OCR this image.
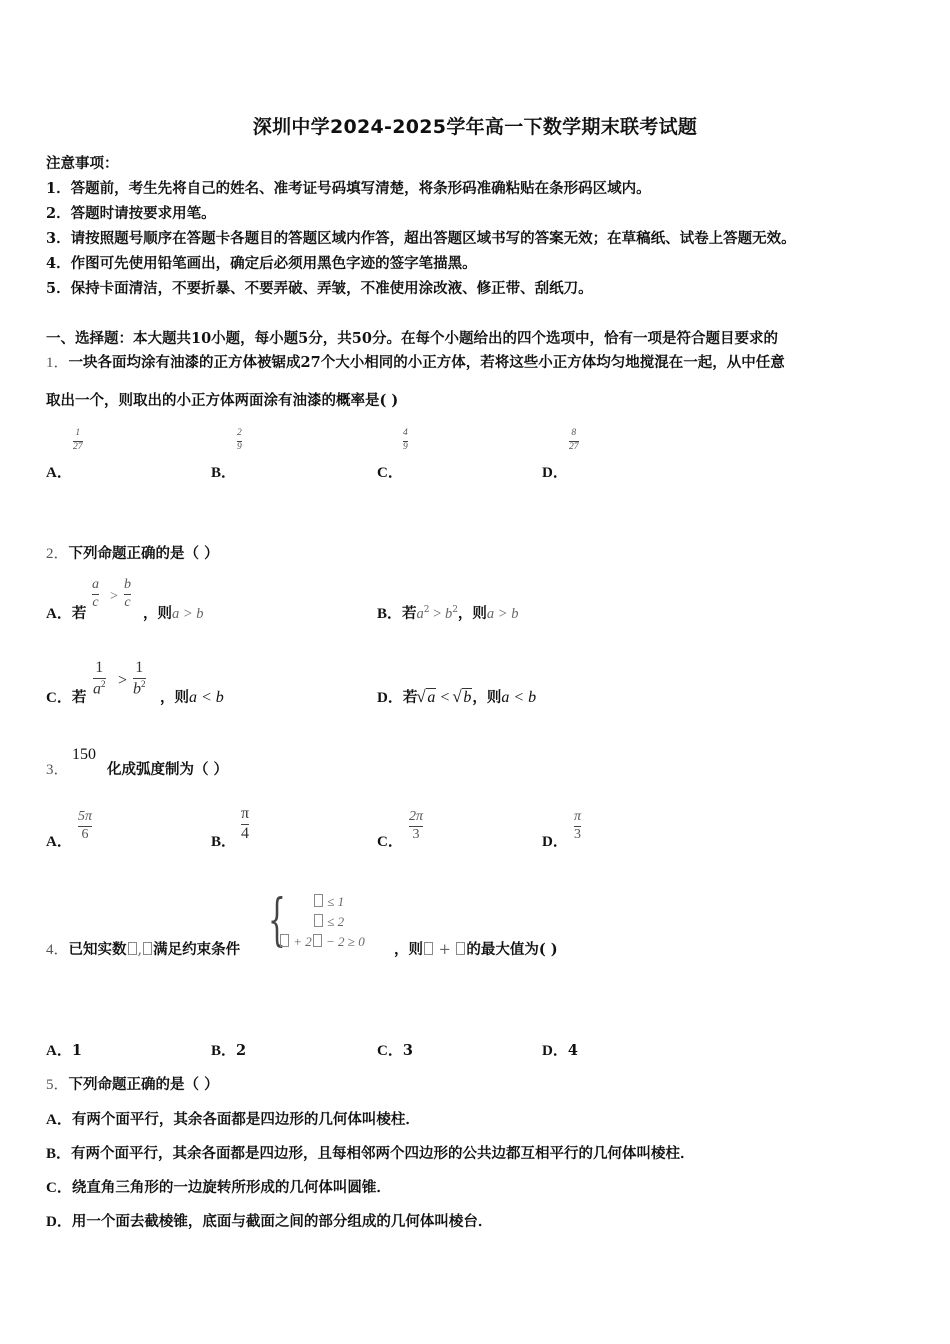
深圳中学2024-2025学年高一下数学期末联考试题
注意事项：
1．答题前，考生先将自己的姓名、准考证号码填写清楚，将条形码准确粘贴在条形码区域内。
2．答题时请按要求用笔。
3．请按照题号顺序在答题卡各题目的答题区域内作答，超出答题区域书写的答案无效；在草稿纸、试卷上答题无效。
4．作图可先使用铅笔画出，确定后必须用黑色字迹的签字笔描黑。
5．保持卡面清洁，不要折暴、不要弄破、弄皱，不准使用涂改液、修正带、刮纸刀。
一、选择题：本大题共10小题，每小题5分，共50分。在每个小题给出的四个选项中，恰有一项是符合题目要求的
1．一块各面均涂有油漆的正方体被锯成27个大小相同的小正方体，若将这些小正方体均匀地搅混在一起，从中任意
取出一个，则取出的小正方体两面涂有油漆的概率是( )
A．
1
27
B．
2
9
C．
4
9
D．
8
27
2．下列命题正确的是（ ）
A．若
a
c >
b
c
，则a > b	B．若$a^2 > b^2$，则a > b
C．若
1
$a^2$ >
1
$b^2$
，则a < b	D．若√ a < √ b，则a < b
3．
150
化成弧度制为（ ）
A．
5π
6	B．
π
4	C．
2π
3	D．
π
3
4．已知实数 , 满足约束条件 {	≤ 1
≤ 2
+ 2 − 2 ≥ 0 ，则 + 的最大值为( )
A．1	B．2	C．3	D．4
5．下列命题正确的是（ ）
A．有两个面平行，其余各面都是四边形的几何体叫棱柱．
B．有两个面平行，其余各面都是四边形，且每相邻两个四边形的公共边都互相平行的几何体叫棱柱．
C．绕直角三角形的一边旋转所形成的几何体叫圆锥．
D．用一个面去截棱锥，底面与截面之间的部分组成的几何体叫棱台．
